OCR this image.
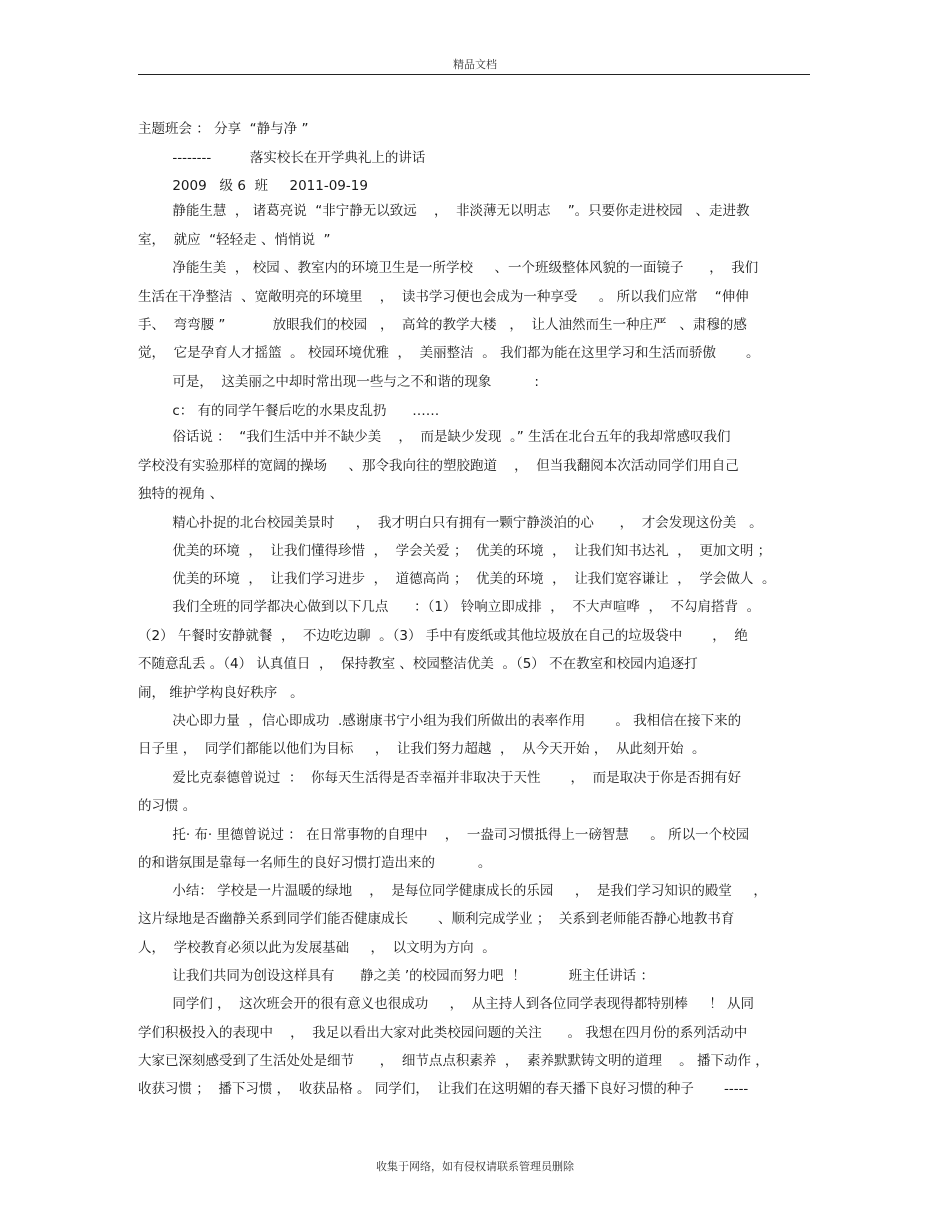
精品文档
主题班会 ： 分享  “静与净 ”
--------         落实校长在开学典礼上的讲话
2009   级 6  班     2011-09-19
静能生慧  ， 诸葛亮说  “非宁静无以致远    ，  非淡薄无以明志    ”。只要你走进校园   、走进教
室，  就应  “轻轻走 、悄悄说  ”
净能生美  ， 校园 、教室内的环境卫生是一所学校     、一个班级整体风貌的一面镜子      ，  我们
生活在干净整洁  、宽敞明亮的环境里    ，  读书学习便也会成为一种享受     。 所以我们应常    “伸伸
手、  弯弯腰 ”           放眼我们的校园   ，  高耸的教学大楼   ，  让人油然而生一种庄严   、肃穆的感
觉，  它是孕育人才摇篮  。 校园环境优雅  ，  美丽整洁  。 我们都为能在这里学习和生活而骄傲       。
可是，  这美丽之中却时常出现一些与之不和谐的现象          :
c： 有的同学午餐后吃的水果皮乱扔      ……
俗话说 ：  “我们生活中并不缺少美    ，  而是缺少发现  。” 生活在北台五年的我却常感叹我们
学校没有实验那样的宽阔的操场     、那令我向往的塑胶跑道    ，  但当我翻阅本次活动同学们用自己
独特的视角 、
精心扑捉的北台校园美景时     ，  我才明白只有拥有一颗宁静淡泊的心      ，  才会发现这份美   。
优美的环境  ，  让我们懂得珍惜  ，  学会关爱 ；  优美的环境  ，  让我们知书达礼  ，  更加文明 ；
优美的环境  ，  让我们学习进步  ，  道德高尚 ；  优美的环境  ，  让我们宽容谦让  ，  学会做人  。
我们全班的同学都决心做到以下几点      ：（1） 铃响立即成排  ，  不大声喧哗  ，  不勾肩搭背  。
（2） 午餐时安静就餐  ，  不边吃边聊  。（3） 手中有废纸或其他垃圾放在自己的垃圾袋中       ，  绝
不随意乱丢 。（4） 认真值日  ，  保持教室 、校园整洁优美  。（5） 不在教室和校园内追逐打
闹， 维护学构良好秩序   。
决心即力量  ，信心即成功  .感谢康书宁小组为我们所做出的表率作用       。 我相信在接下来的
日子里 ，  同学们都能以他们为目标     ，  让我们努力超越  ，  从今天开始 ，  从此刻开始  。
爱比克泰德曾说过  ：  你每天生活得是否幸福并非取决于天性       ，  而是取决于你是否拥有好
的习惯 。
托· 布· 里德曾说过 ： 在日常事物的自理中    ，  一盎司习惯抵得上一磅智慧     。 所以一个校园
的和谐氛围是靠每一名师生的良好习惯打造出来的          。
小结： 学校是一片温暖的绿地    ，  是每位同学健康成长的乐园     ，  是我们学习知识的殿堂     ，
这片绿地是否幽静关系到同学们能否健康成长       、顺利完成学业 ；  关系到老师能否静心地教书育
人，  学校教育必须以此为发展基础     ，  以文明为方向  。
让我们共同为创设这样具有      静之美 ’的校园而努力吧  ！          班主任讲话 ：
同学们 ，  这次班会开的很有意义也很成功     ，  从主持人到各位同学表现得都特别棒     ！ 从同
学们积极投入的表现中    ，  我足以看出大家对此类校园问题的关注      。 我想在四月份的系列活动中
大家已深刻感受到了生活处处是细节      ，  细节点点积素养  ，  素养默默铸文明的道理    。 播下动作 ，
收获习惯 ；  播下习惯 ，  收获品格 。 同学们，  让我们在这明媚的春天播下良好习惯的种子       -----
收集于网络，如有侵权请联系管理员删除
